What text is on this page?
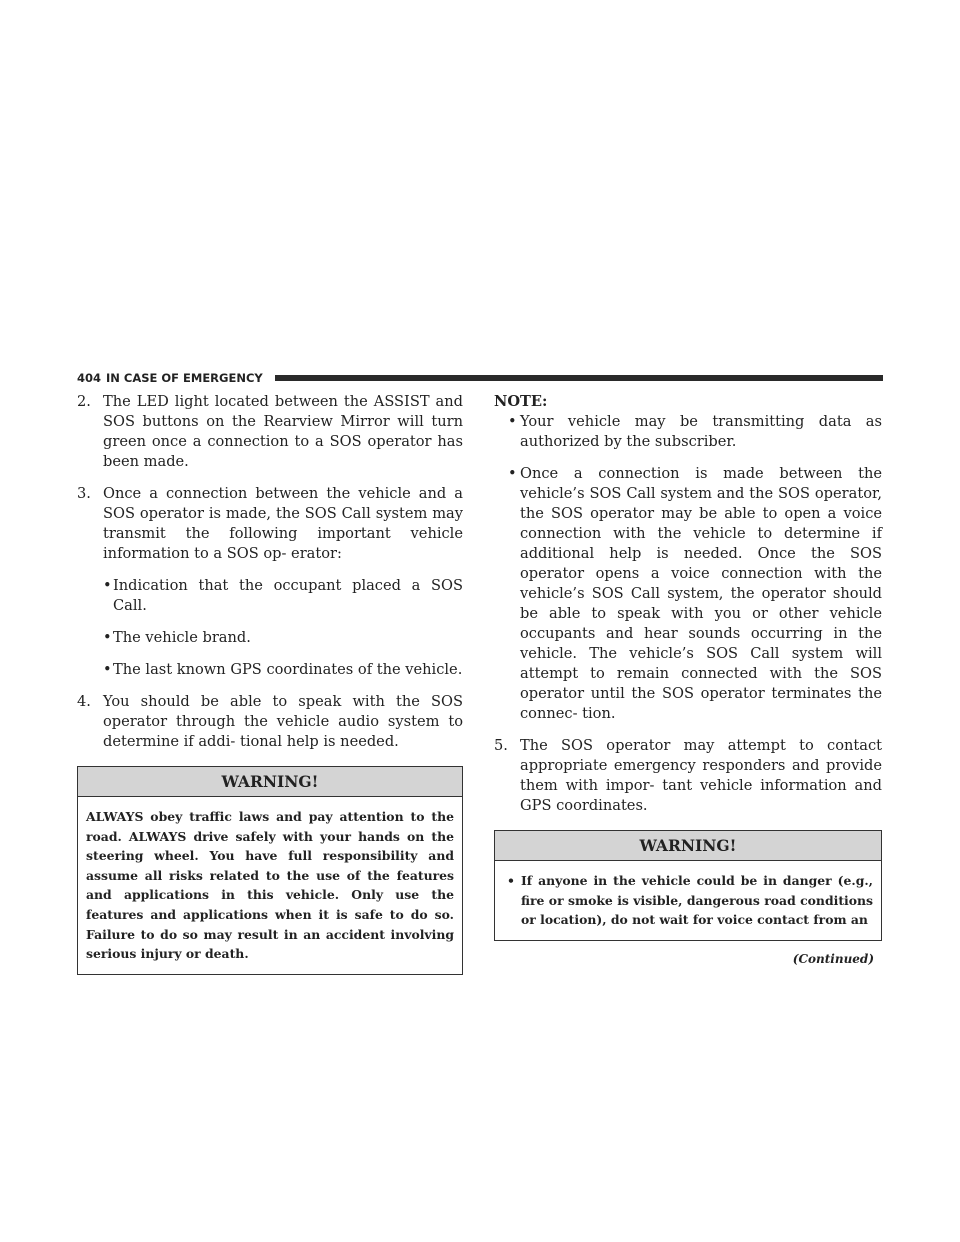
404 IN CASE OF EMERGENCY
2. The LED light located between the ASSIST and SOS buttons on the Rearview Mirror will turn green once a connection to a SOS operator has been made.

3. Once a connection between the vehicle and a SOS operator is made, the SOS Call system may transmit the following important vehicle information to a SOS op- erator:

• Indication that the occupant placed a SOS Call.
• The vehicle brand.
• The last known GPS coordinates of the vehicle.
4. You should be able to speak with the SOS operator through the vehicle audio system to determine if addi- tional help is needed.

WARNING!
ALWAYS obey traffic laws and pay attention to the road. ALWAYS drive safely with your hands on the steering wheel. You have full responsibility and assume all risks related to the use of the features and applications in this vehicle. Only use the features and applications when it is safe to do so. Failure to do so may result in an accident involving serious injury or death.

NOTE:

• Your vehicle may be transmitting data as authorized by the subscriber.
• Once a connection is made between the vehicle’s SOS Call system and the SOS operator, the SOS operator may be able to open a voice connection with the vehicle to determine if additional help is needed. Once the SOS operator opens a voice connection with the vehicle’s SOS Call system, the operator should be able to speak with you or other vehicle occupants and hear sounds occurring in the vehicle. The vehicle’s SOS Call system will attempt to remain connected with the SOS operator until the SOS operator terminates the connec- tion.
5. The SOS operator may attempt to contact appropriate emergency responders and provide them with impor- tant vehicle information and GPS coordinates.

WARNING!
• If anyone in the vehicle could be in danger (e.g., fire or smoke is visible, dangerous road conditions or location), do not wait for voice contact from an
(Continued)
